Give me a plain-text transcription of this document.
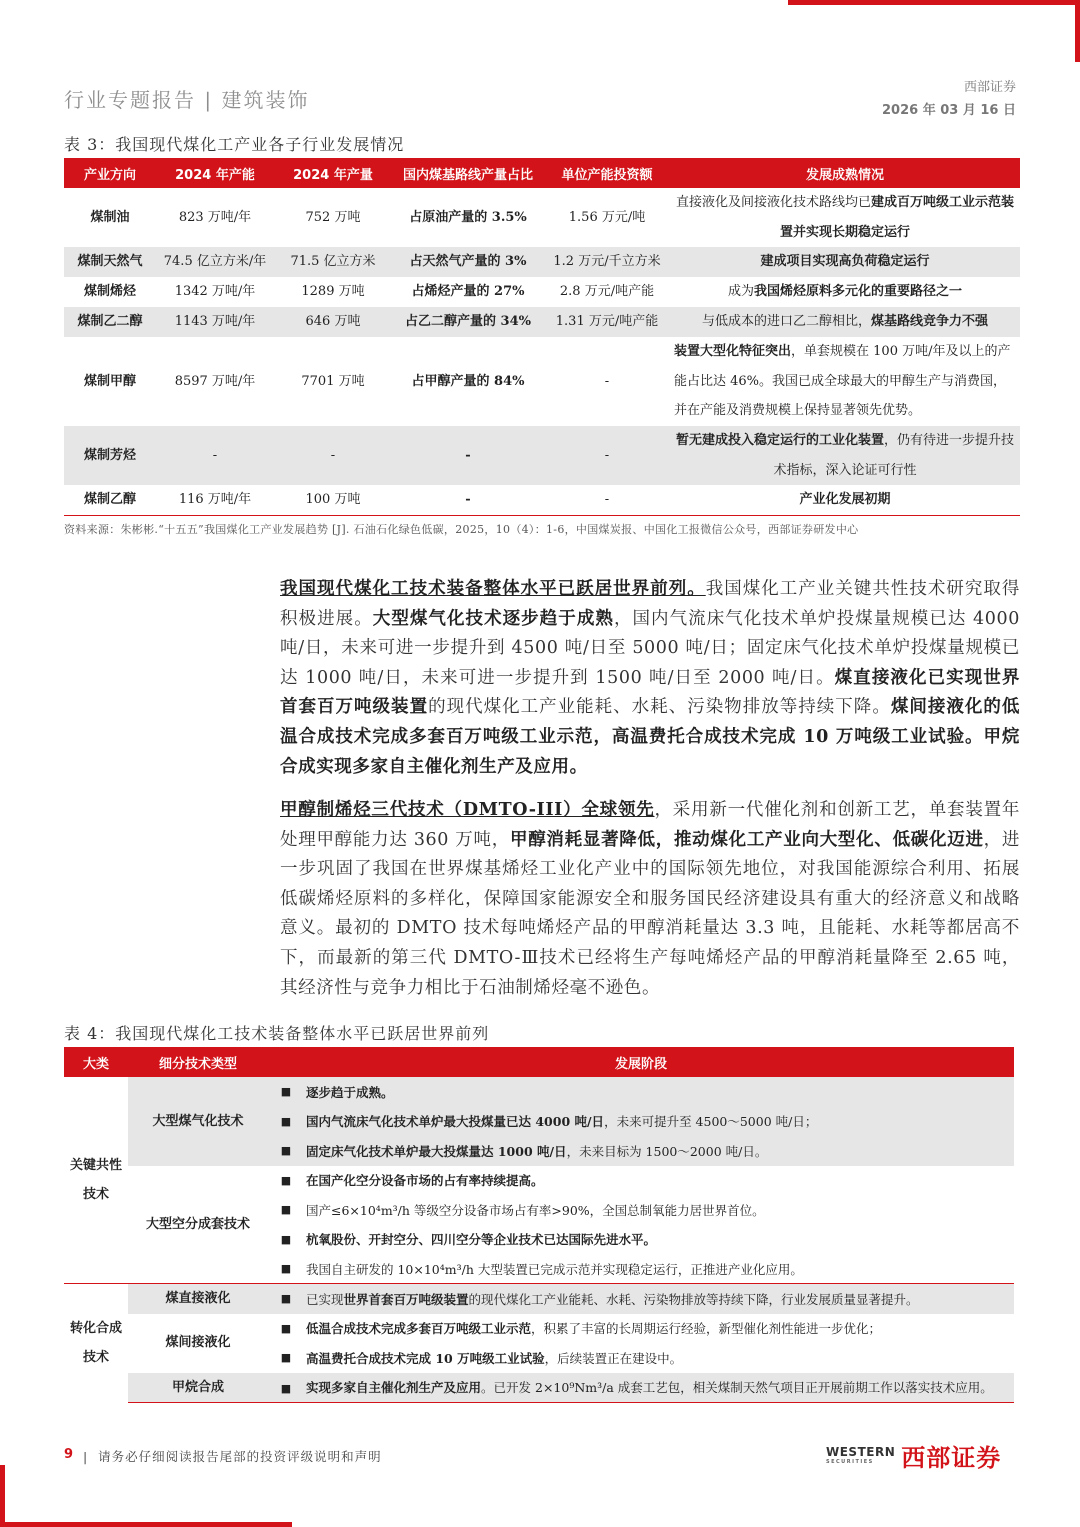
行业专题报告 | 建筑装饰
西部证券
2026 年 03 月 16 日
表 3：我国现代煤化工产业各子行业发展情况
产业方向	2024 年产能	2024 年产量	国内煤基路线产量占比	单位产能投资额	发展成熟情况
煤制油	823 万吨/年	752 万吨	占原油产量的 3.5%	1.56 万元/吨	直接液化及间接液化技术路线均已建成百万吨级工业示范装置并实现长期稳定运行
煤制天然气	74.5 亿立方米/年	71.5 亿立方米	占天然气产量的 3%	1.2 万元/千立方米	建成项目实现高负荷稳定运行
煤制烯烃	1342 万吨/年	1289 万吨	占烯烃产量的 27%	2.8 万元/吨产能	成为我国烯烃原料多元化的重要路径之一
煤制乙二醇	1143 万吨/年	646 万吨	占乙二醇产量的 34%	1.31 万元/吨产能	与低成本的进口乙二醇相比，煤基路线竞争力不强
煤制甲醇	8597 万吨/年	7701 万吨	占甲醇产量的 84%	-	装置大型化特征突出，单套规模在 100 万吨/年及以上的产能占比达 46%。我国已成全球最大的甲醇生产与消费国，并在产能及消费规模上保持显著领先优势。
煤制芳烃	-	-	-	-	暂无建成投入稳定运行的工业化装置，仍有待进一步提升技术指标，深入论证可行性
煤制乙醇	116 万吨/年	100 万吨	-	-	产业化发展初期
资料来源：朱彬彬.“十五五”我国煤化工产业发展趋势 [J]. 石油石化绿色低碳，2025，10（4）：1-6，中国煤炭报、中国化工报微信公众号，西部证券研发中心
我国现代煤化工技术装备整体水平已跃居世界前列。我国煤化工产业关键共性技术研究取得积极进展。大型煤气化技术逐步趋于成熟，国内气流床气化技术单炉投煤量规模已达 4000 吨/日，未来可进一步提升到 4500 吨/日至 5000 吨/日；固定床气化技术单炉投煤量规模已达 1000 吨/日，未来可进一步提升到 1500 吨/日至 2000 吨/日。煤直接液化已实现世界首套百万吨级装置的现代煤化工产业能耗、水耗、污染物排放等持续下降。煤间接液化的低温合成技术完成多套百万吨级工业示范，高温费托合成技术完成 10 万吨级工业试验。甲烷合成实现多家自主催化剂生产及应用。
甲醇制烯烃三代技术（DMTO-III）全球领先，采用新一代催化剂和创新工艺，单套装置年处理甲醇能力达 360 万吨，甲醇消耗显著降低，推动煤化工产业向大型化、低碳化迈进，进一步巩固了我国在世界煤基烯烃工业化产业中的国际领先地位，对我国能源综合利用、拓展低碳烯烃原料的多样化，保障国家能源安全和服务国民经济建设具有重大的经济意义和战略意义。最初的 DMTO 技术每吨烯烃产品的甲醇消耗量达 3.3 吨，且能耗、水耗等都居高不下，而最新的第三代 DMTO-Ⅲ技术已经将生产每吨烯烃产品的甲醇消耗量降至 2.65 吨，其经济性与竞争力相比于石油制烯烃毫不逊色。
表 4：我国现代煤化工技术装备整体水平已跃居世界前列
大类	细分技术类型	发展阶段	
关键共性技术	大型煤气化技术	■	逐步趋于成熟。
		■	国内气流床气化技术单炉最大投煤量已达 4000 吨/日，未来可提升至 4500～5000 吨/日；
		■	固定床气化技术单炉最大投煤量达 1000 吨/日，未来目标为 1500～2000 吨/日。
	大型空分成套技术	■	在国产化空分设备市场的占有率持续提高。
		■	国产≤6×10⁴m³/h 等级空分设备市场占有率>90%，全国总制氧能力居世界首位。
		■	杭氧股份、开封空分、四川空分等企业技术已达国际先进水平。
		■	我国自主研发的 10×10⁴m³/h 大型装置已完成示范并实现稳定运行，正推进产业化应用。
转化合成技术	煤直接液化	■	已实现世界首套百万吨级装置的现代煤化工产业能耗、水耗、污染物排放等持续下降，行业发展质量显著提升。
	煤间接液化	■	低温合成技术完成多套百万吨级工业示范，积累了丰富的长周期运行经验，新型催化剂性能进一步优化；
		■	高温费托合成技术完成 10 万吨级工业试验，后续装置正在建设中。
	甲烷合成	■	实现多家自主催化剂生产及应用。已开发 2×10⁹Nm³/a 成套工艺包，相关煤制天然气项目正开展前期工作以落实技术应用。
9 |  请务必仔细阅读报告尾部的投资评级说明和声明	WESTERN
SECURITIES	西部证券
